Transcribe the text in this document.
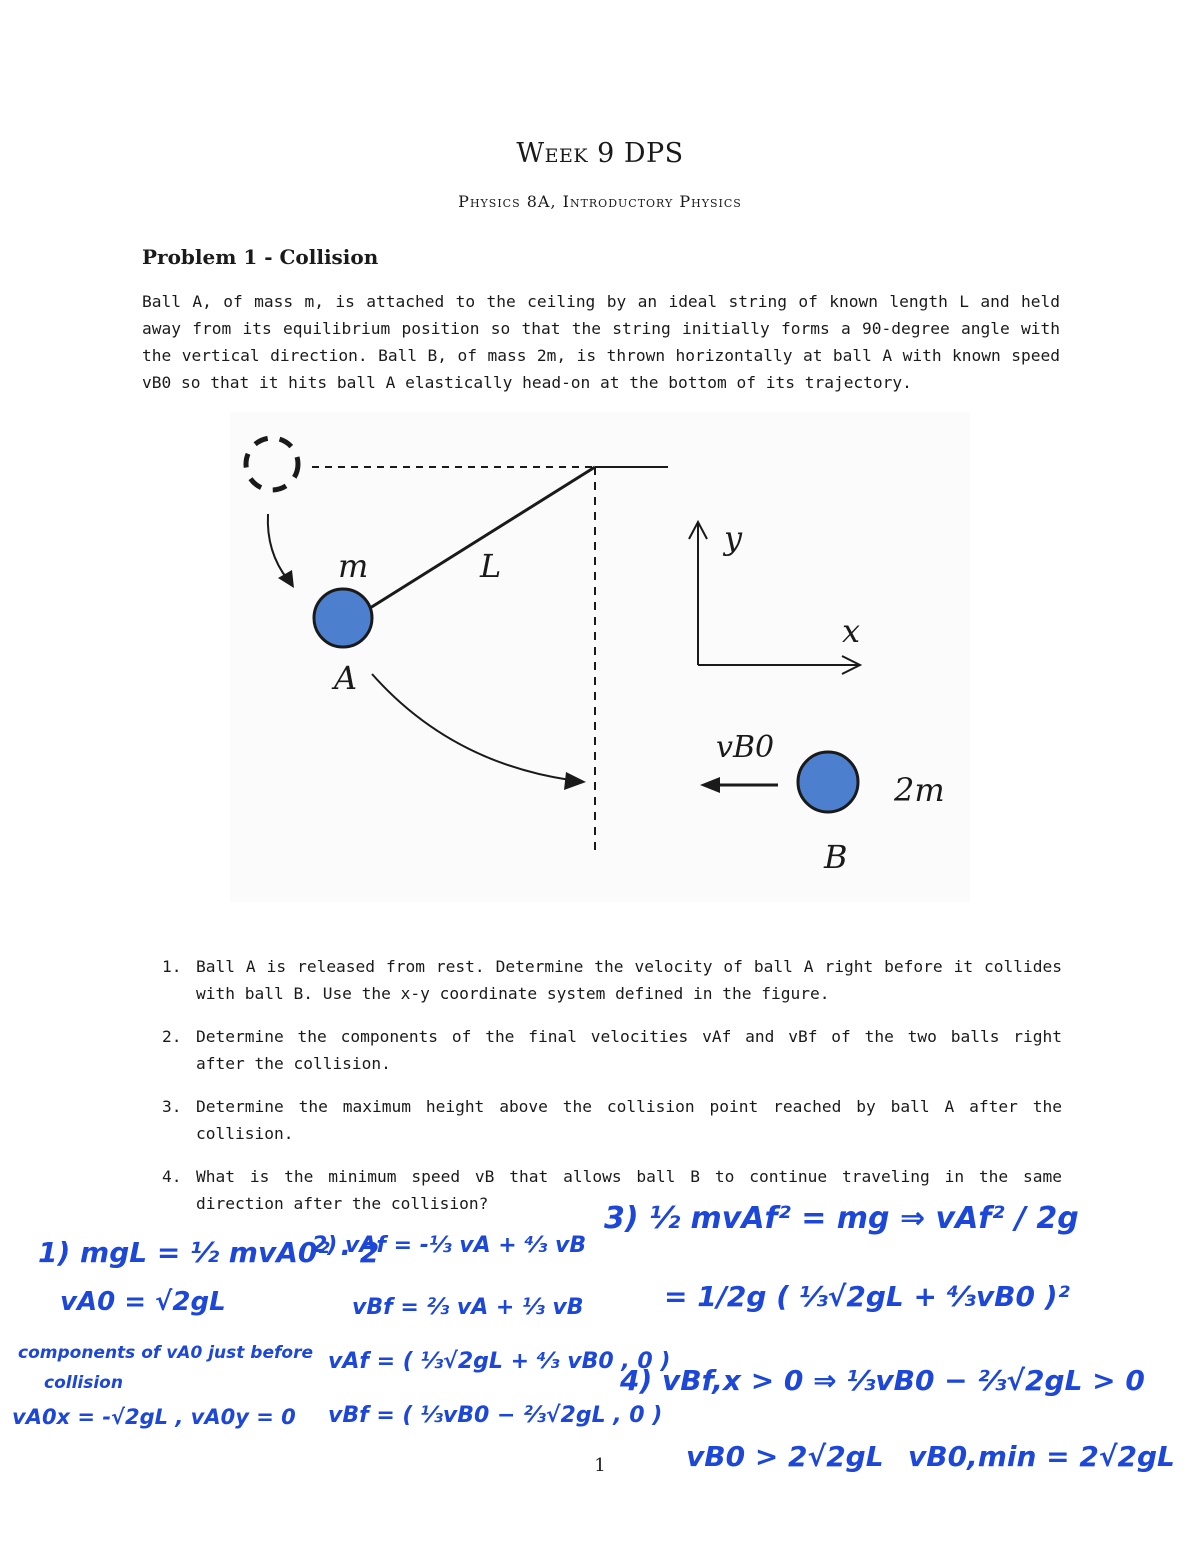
Week 9 DPS
Physics 8A, Introductory Physics
Problem 1 - Collision
Ball A, of mass m, is attached to the ceiling by an ideal string of known length L and held away from its equilibrium position so that the string initially forms a 90-degree angle with the vertical direction. Ball B, of mass 2m, is thrown horizontally at ball A with known speed vB0 so that it hits ball A elastically head-on at the bottom of its trajectory.
m	L
A
y
x
vB0
2m
B
1. Ball A is released from rest. Determine the velocity of ball A right before it collides with ball B. Use the x-y coordinate system defined in the figure.
2. Determine the components of the final velocities vAf and vBf of the two balls right after the collision.
3. Determine the maximum height above the collision point reached by ball A after the collision.
4. What is the minimum speed vB that allows ball B to continue traveling in the same direction after the collision?
1
1) mgL = ½ mvA0² · 2
vA0 = √2gL
components of vA0 just before
collision
vA0x = -√2gL , vA0y = 0
2) vAf = -⅓ vA + ⁴⁄₃ vB
vBf = ⅔ vA + ⅓ vB
vAf = ( ⅓√2gL + ⁴⁄₃ vB0 , 0 )
vBf = ( ⅓vB0 − ⅔√2gL , 0 )
3) ½ mvAf² = mg ⇒ vAf² / 2g
= 1/2g ( ⅓√2gL + ⁴⁄₃vB0 )²
4) vBf,x > 0 ⇒ ⅓vB0 − ⅔√2gL > 0
vB0 > 2√2gL vB0,min = 2√2gL
